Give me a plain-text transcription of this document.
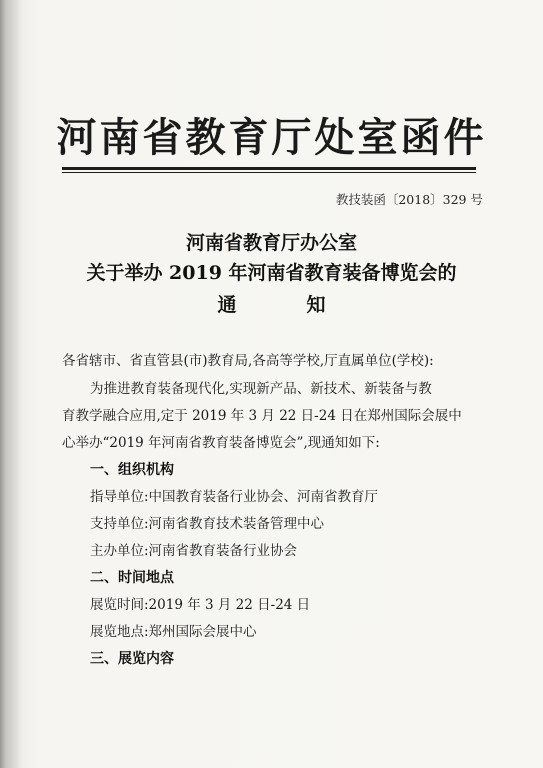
河南省教育厅处室函件
教技装函〔2018〕329 号
河南省教育厅办公室
关于举办 2019 年河南省教育装备博览会的
通	知
各省辖市、省直管县(市)教育局,各高等学校,厅直属单位(学校):
为推进教育装备现代化,实现新产品、新技术、新装备与教
育教学融合应用,定于 2019 年 3 月 22 日-24 日在郑州国际会展中
心举办“2019 年河南省教育装备博览会”,现通知如下:
一、组织机构
指导单位:中国教育装备行业协会、河南省教育厅
支持单位:河南省教育技术装备管理中心
主办单位:河南省教育装备行业协会
二、时间地点
展览时间:2019 年 3 月 22 日-24 日
展览地点:郑州国际会展中心
三、展览内容
